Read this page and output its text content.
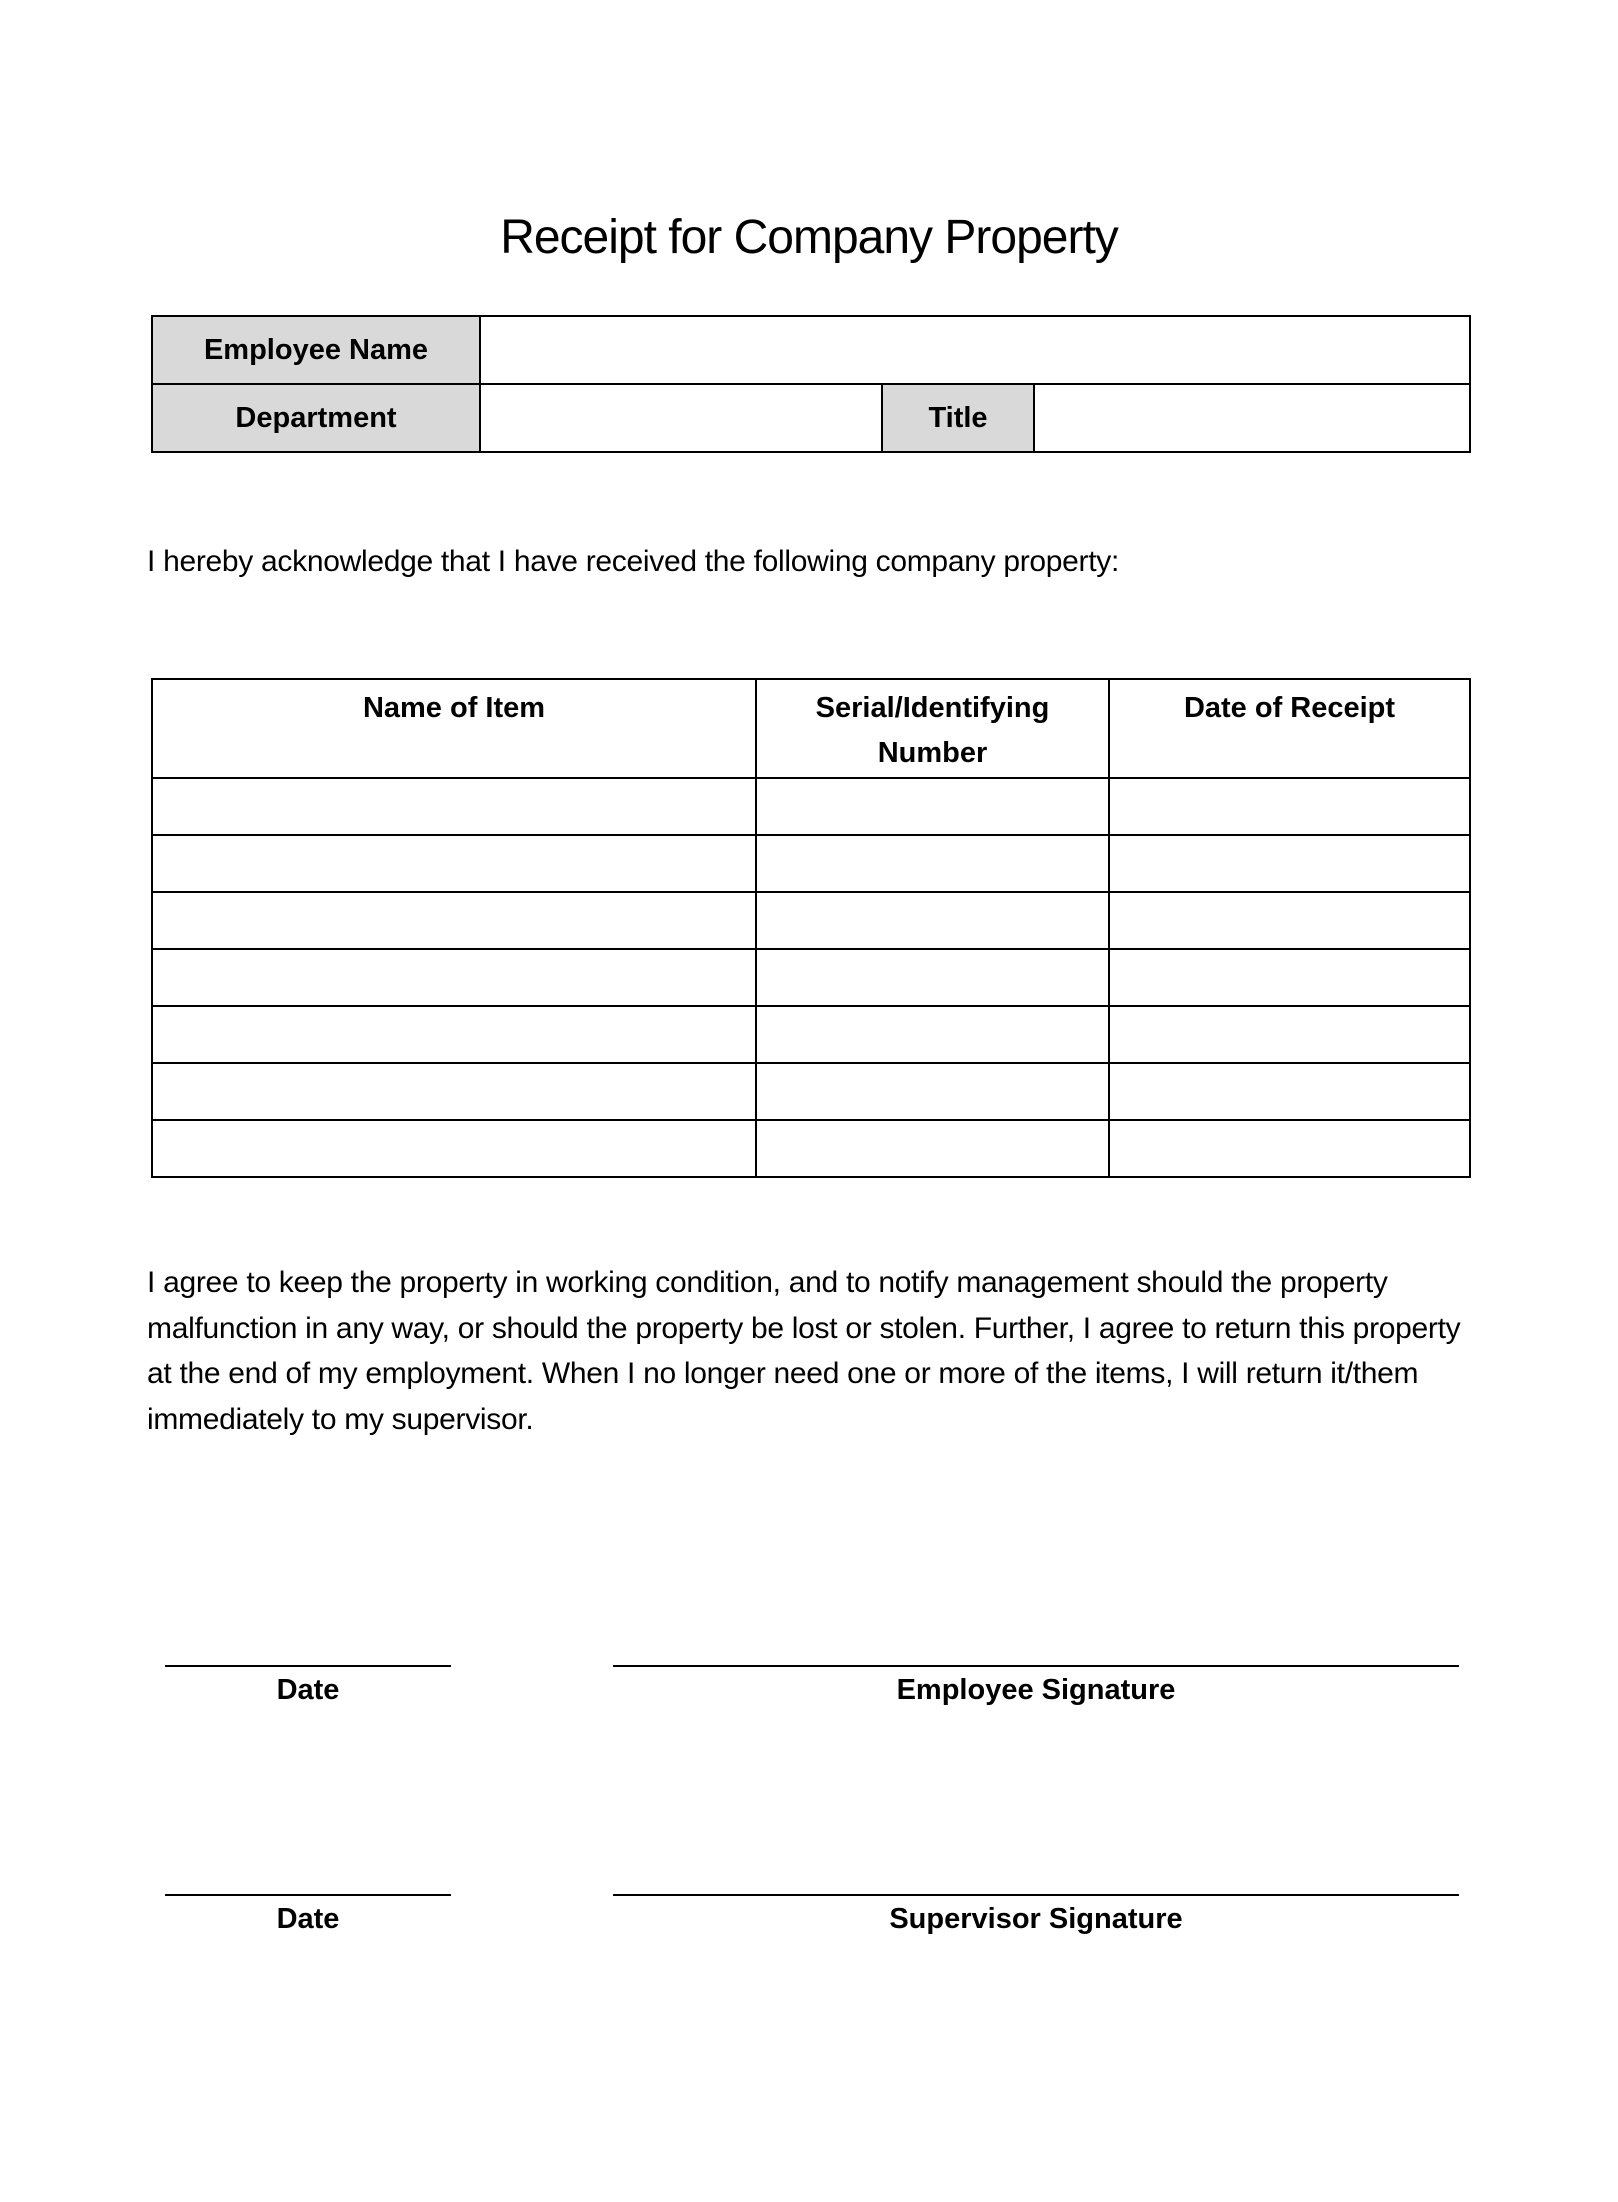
Receipt for Company Property
Employee Name			
Department		Title	
I hereby acknowledge that I have received the following company property:
Name of Item	Serial/Identifying Number	Date of Receipt

I agree to keep the property in working condition, and to notify management should the property malfunction in any way, or should the property be lost or stolen. Further, I agree to return this property at the end of my employment. When I no longer need one or more of the items, I will return it/them immediately to my supervisor.
Date	Employee Signature
Date	Supervisor Signature
